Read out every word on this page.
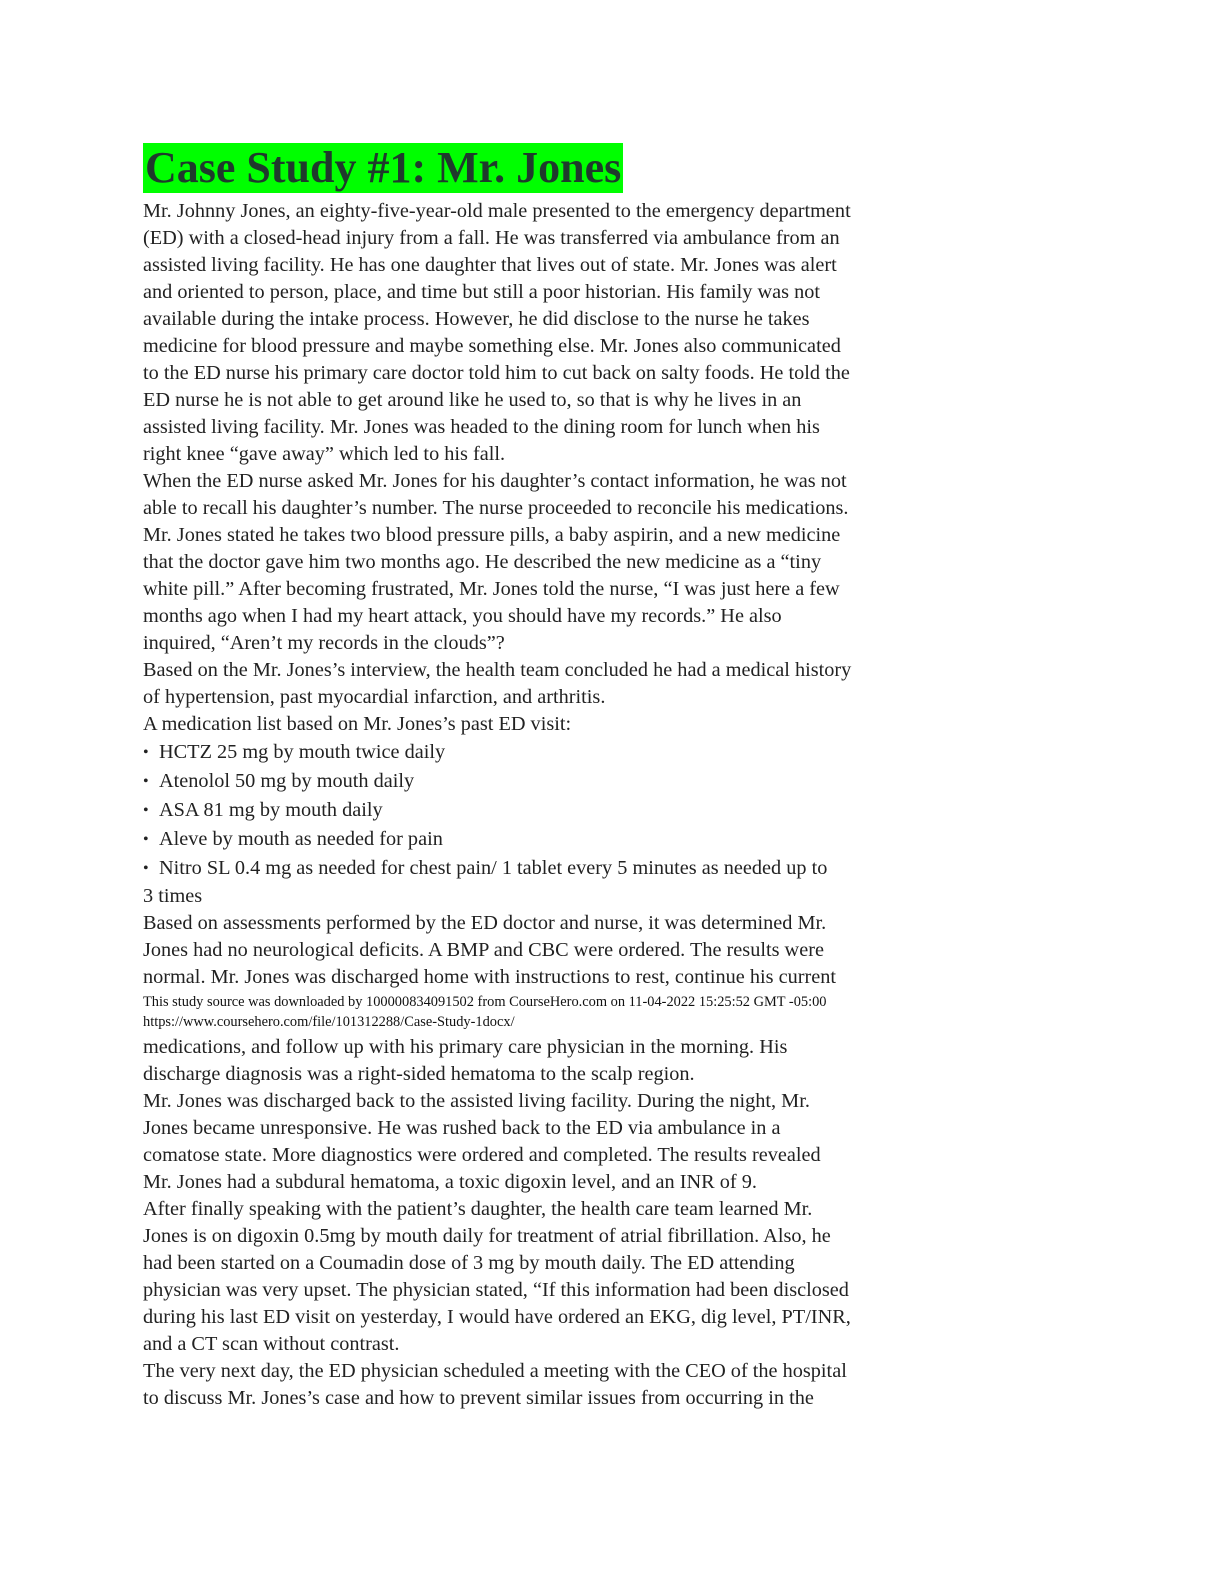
Case Study #1: Mr. Jones

Mr. Johnny Jones, an eighty-five-year-old male presented to the emergency department
(ED) with a closed-head injury from a fall. He was transferred via ambulance from an
assisted living facility. He has one daughter that lives out of state. Mr. Jones was alert
and oriented to person, place, and time but still a poor historian. His family was not
available during the intake process. However, he did disclose to the nurse he takes
medicine for blood pressure and maybe something else. Mr. Jones also communicated
to the ED nurse his primary care doctor told him to cut back on salty foods. He told the
ED nurse he is not able to get around like he used to, so that is why he lives in an
assisted living facility. Mr. Jones was headed to the dining room for lunch when his
right knee “gave away” which led to his fall.

When the ED nurse asked Mr. Jones for his daughter’s contact information, he was not
able to recall his daughter’s number. The nurse proceeded to reconcile his medications.
Mr. Jones stated he takes two blood pressure pills, a baby aspirin, and a new medicine
that the doctor gave him two months ago. He described the new medicine as a “tiny
white pill.” After becoming frustrated, Mr. Jones told the nurse, “I was just here a few
months ago when I had my heart attack, you should have my records.” He also
inquired, “Aren’t my records in the clouds”?

Based on the Mr. Jones’s interview, the health team concluded he had a medical history
of hypertension, past myocardial infarction, and arthritis.

A medication list based on Mr. Jones’s past ED visit:

• HCTZ 25 mg by mouth twice daily
• Atenolol 50 mg by mouth daily
• ASA 81 mg by mouth daily
• Aleve by mouth as needed for pain
• Nitro SL 0.4 mg as needed for chest pain/ 1 tablet every 5 minutes as needed up to

3 times

Based on assessments performed by the ED doctor and nurse, it was determined Mr.
Jones had no neurological deficits. A BMP and CBC were ordered. The results were
normal. Mr. Jones was discharged home with instructions to rest, continue his current

This study source was downloaded by 100000834091502 from CourseHero.com on 11-04-2022 15:25:52 GMT -05:00
https://www.coursehero.com/file/101312288/Case-Study-1docx/

medications, and follow up with his primary care physician in the morning. His
discharge diagnosis was a right-sided hematoma to the scalp region.

Mr. Jones was discharged back to the assisted living facility. During the night, Mr.
Jones became unresponsive. He was rushed back to the ED via ambulance in a
comatose state. More diagnostics were ordered and completed. The results revealed
Mr. Jones had a subdural hematoma, a toxic digoxin level, and an INR of 9.

After finally speaking with the patient’s daughter, the health care team learned Mr.
Jones is on digoxin 0.5mg by mouth daily for treatment of atrial fibrillation. Also, he
had been started on a Coumadin dose of 3 mg by mouth daily. The ED attending
physician was very upset. The physician stated, “If this information had been disclosed
during his last ED visit on yesterday, I would have ordered an EKG, dig level, PT/INR,
and a CT scan without contrast.

The very next day, the ED physician scheduled a meeting with the CEO of the hospital
to discuss Mr. Jones’s case and how to prevent similar issues from occurring in the
